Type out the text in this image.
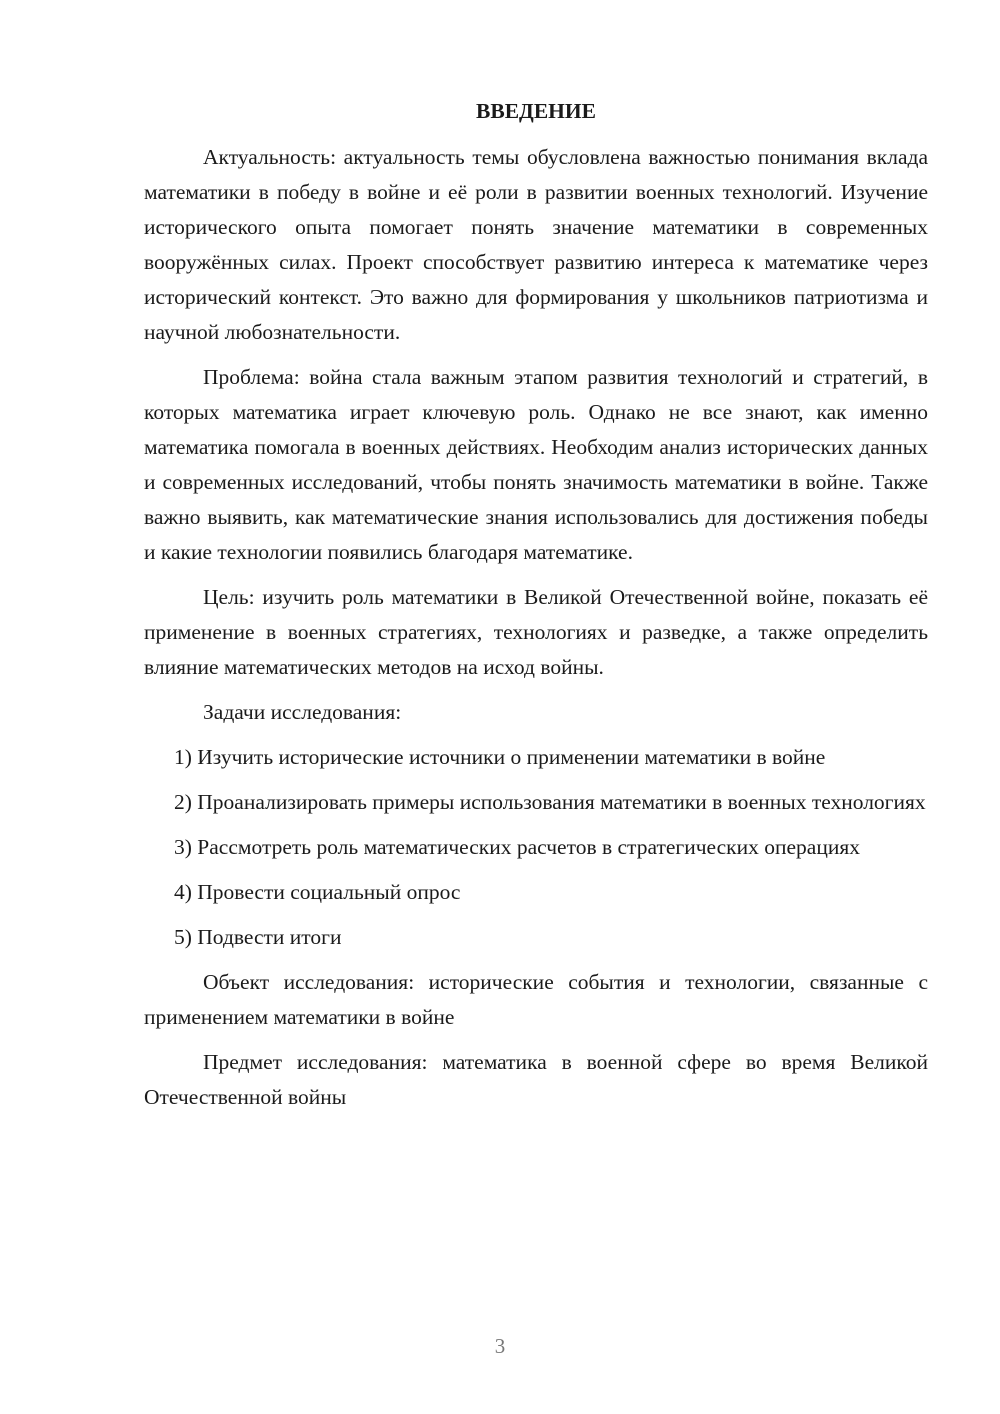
ВВЕДЕНИЕ

Актуальность: актуальность темы обусловлена важностью понимания вклада математики в победу в войне и её роли в развитии военных технологий. Изучение исторического опыта помогает понять значение математики в современных вооружённых силах. Проект способствует развитию интереса к математике через исторический контекст. Это важно для формирования у школьников патриотизма и научной любознательности.

Проблема: война стала важным этапом развития технологий и стратегий, в которых математика играет ключевую роль. Однако не все знают, как именно математика помогала в военных действиях. Необходим анализ исторических данных и современных исследований, чтобы понять значимость математики в войне. Также важно выявить, как математические знания использовались для достижения победы и какие технологии появились благодаря математике.

Цель: изучить роль математики в Великой Отечественной войне, показать её применение в военных стратегиях, технологиях и разведке, а также определить влияние математических методов на исход войны.

Задачи исследования:

1) Изучить исторические источники о применении математики в войне

2) Проанализировать примеры использования математики в военных технологиях

3) Рассмотреть роль математических расчетов в стратегических операциях

4) Провести социальный опрос

5) Подвести итоги

Объект исследования: исторические события и технологии, связанные с применением математики в войне

Предмет исследования: математика в военной сфере во время Великой Отечественной войны

3
